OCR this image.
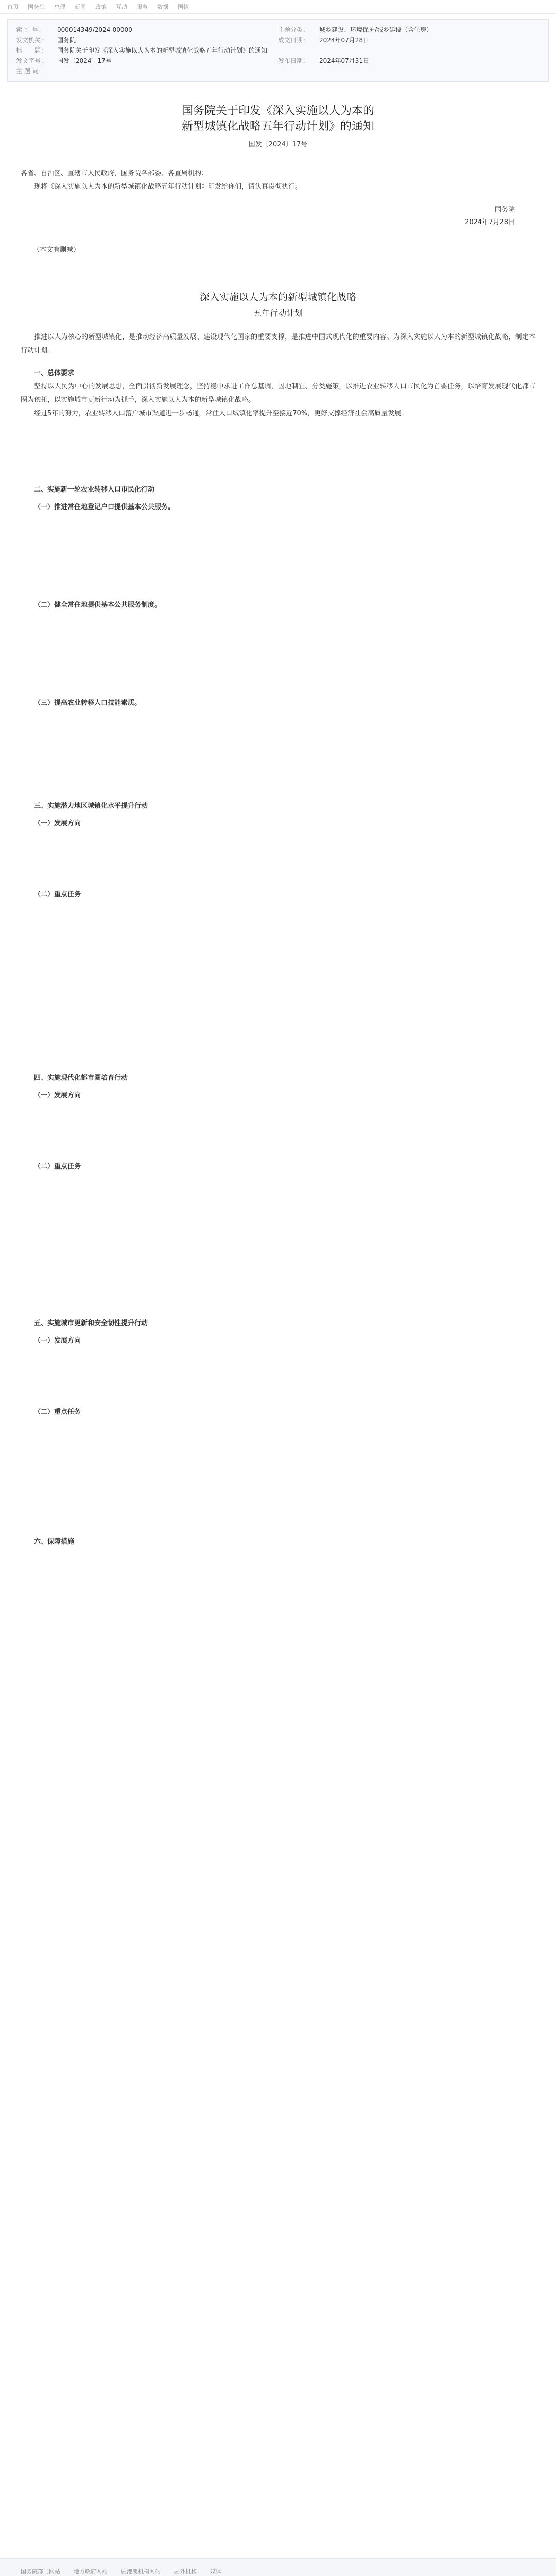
首页 国务院 总理 新闻 政策 互动 服务 数据 国情
索 引 号：	000014349/2024-00000	主题分类：	城乡建设、环境保护/城乡建设（含住房）
发文机关：	国务院	成文日期：	2024年07月28日
标　　题：	国务院关于印发《深入实施以人为本的新型城镇化战略五年行动计划》的通知
发文字号：	国发〔2024〕17号	发布日期：	2024年07月31日
主 题 词：
国务院关于印发《深入实施以人为本的
新型城镇化战略五年行动计划》的通知
国发〔2024〕17号

各省、自治区、直辖市人民政府，国务院各部委、各直属机构：

现将《深入实施以人为本的新型城镇化战略五年行动计划》印发给你们，请认真贯彻执行。

国务院
2024年7月28日
（本文有删减）
深入实施以人为本的新型城镇化战略
五年行动计划

推进以人为核心的新型城镇化，是推动经济高质量发展、建设现代化国家的重要支撑，是推进中国式现代化的重要内容。为深入实施以人为本的新型城镇化战略，制定本行动计划。

一、总体要求

坚持以人民为中心的发展思想，全面贯彻新发展理念，坚持稳中求进工作总基调，因地制宜、分类施策，以推进农业转移人口市民化为首要任务，以培育发展现代化都市圈为依托，以实施城市更新行动为抓手，深入实施以人为本的新型城镇化战略。

经过5年的努力，农业转移人口落户城市渠道进一步畅通，常住人口城镇化率提升至接近70%，更好支撑经济社会高质量发展。

二、实施新一轮农业转移人口市民化行动
（一）推进常住地登记户口提供基本公共服务。
（二）健全常住地提供基本公共服务制度。
（三）提高农业转移人口技能素质。
三、实施潜力地区城镇化水平提升行动
（一）发展方向
（二）重点任务
四、实施现代化都市圈培育行动
（一）发展方向
（二）重点任务
五、实施城市更新和安全韧性提升行动
（一）发展方向
（二）重点任务
六、保障措施
国务院部门网站 地方政府网站 驻港澳机构网站 驻外机构 媒体
